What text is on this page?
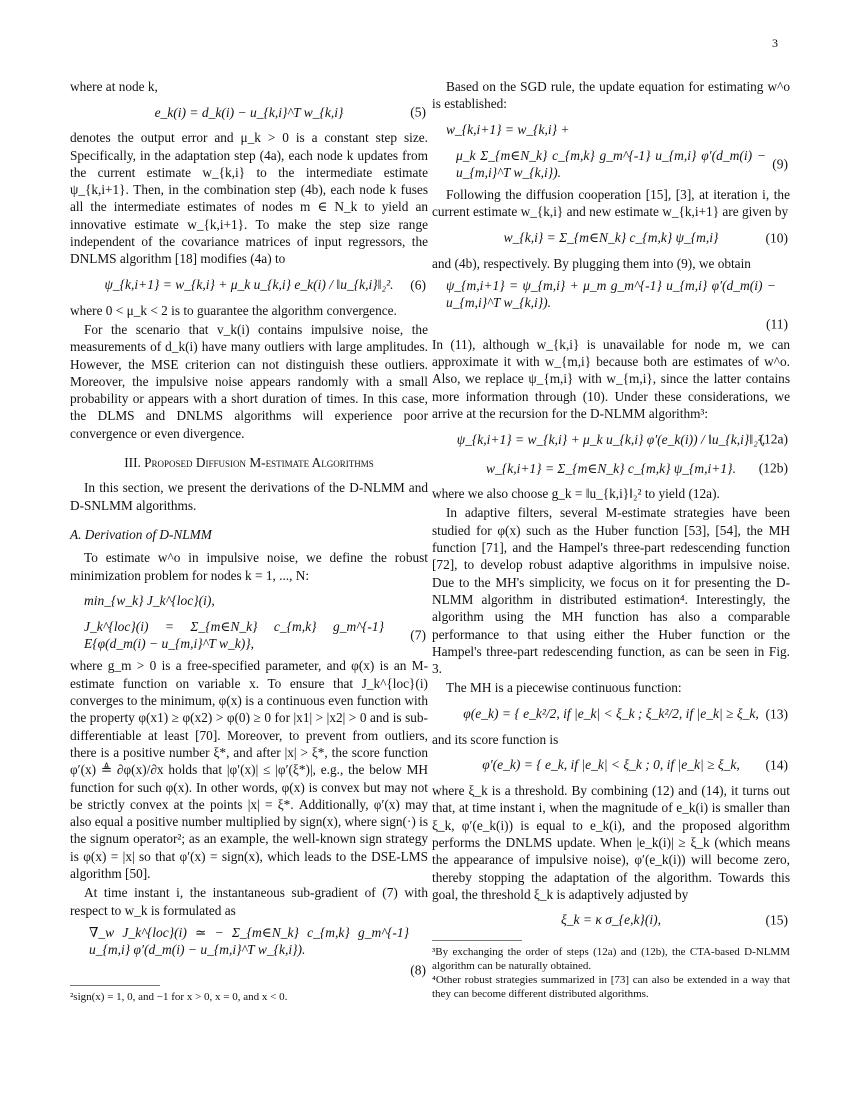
3

where at node k,

e_k(i) = d_k(i) − u_{k,i}^T w_{k,i}	(5)

denotes the output error and μ_k > 0 is a constant step size. Specifically, in the adaptation step (4a), each node k updates from the current estimate w_{k,i} to the intermediate estimate ψ_{k,i+1}. Then, in the combination step (4b), each node k fuses all the intermediate estimates of nodes m ∈ N_k to yield an innovative estimate w_{k,i+1}. To make the step size range independent of the covariance matrices of input regressors, the DNLMS algorithm [18] modifies (4a) to

ψ_{k,i+1} = w_{k,i} + μ_k u_{k,i} e_k(i) / ‖u_{k,i}‖₂². (6)

where 0 < μ_k < 2 is to guarantee the algorithm convergence.

For the scenario that v_k(i) contains impulsive noise, the measurements of d_k(i) have many outliers with large amplitudes. However, the MSE criterion can not distinguish these outliers. Moreover, the impulsive noise appears randomly with a small probability or appears with a short duration of times. In this case, the DLMS and DNLMS algorithms will experience poor convergence or even divergence.

III. Proposed Diffusion M-estimate Algorithms

In this section, we present the derivations of the D-NLMM and D-SNLMM algorithms.

A. Derivation of D-NLMM

To estimate w^o in impulsive noise, we define the robust minimization problem for nodes k = 1, ..., N:

min_{w_k} J_k^{loc}(i),
J_k^{loc}(i) = Σ_{m∈N_k} c_{m,k} g_m^{-1} E{φ(d_m(i) − u_{m,i}^T w_k)},
(7)

where g_m > 0 is a free-specified parameter, and φ(x) is an M-estimate function on variable x. To ensure that J_k^{loc}(i) converges to the minimum, φ(x) is a continuous even function with the property φ(x1) ≥ φ(x2) > φ(0) ≥ 0 for |x1| > |x2| > 0 and is sub-differentiable at least [70]. Moreover, to prevent from outliers, there is a positive number ξ*, and after |x| > ξ*, the score function φ′(x) ≜ ∂φ(x)/∂x holds that |φ′(x)| ≤ |φ′(ξ*)|, e.g., the below MH function for such φ(x). In other words, φ(x) is convex but may not be strictly convex at the points |x| = ξ*. Additionally, φ′(x) may also equal a positive number multiplied by sign(x), where sign(·) is the signum operator²; as an example, the well-known sign strategy is φ(x) = |x| so that φ′(x) = sign(x), which leads to the DSE-LMS algorithm [50].

At time instant i, the instantaneous sub-gradient of (7) with respect to w_k is formulated as

∇_w J_k^{loc}(i) ≃ − Σ_{m∈N_k} c_{m,k} g_m^{-1} u_{m,i} φ′(d_m(i) − u_{m,i}^T w_{k,i}).
(8)
²sign(x) = 1, 0, and −1 for x > 0, x = 0, and x < 0.

Based on the SGD rule, the update equation for estimating w^o is established:

w_{k,i+1} = w_{k,i} +
μ_k Σ_{m∈N_k} c_{m,k} g_m^{-1} u_{m,i} φ′(d_m(i) − u_{m,i}^T w_{k,i}).
(9)

Following the diffusion cooperation [15], [3], at iteration i, the current estimate w_{k,i} and new estimate w_{k,i+1} are given by

w_{k,i} = Σ_{m∈N_k} c_{m,k} ψ_{m,i}	(10)

and (4b), respectively. By plugging them into (9), we obtain

ψ_{m,i+1} = ψ_{m,i} + μ_m g_m^{-1} u_{m,i} φ′(d_m(i) − u_{m,i}^T w_{k,i}).
(11)

In (11), although w_{k,i} is unavailable for node m, we can approximate it with w_{m,i} because both are estimates of w^o. Also, we replace ψ_{m,i} with w_{m,i}, since the latter contains more information through (10). Under these considerations, we arrive at the recursion for the D-NLMM algorithm³:

ψ_{k,i+1} = w_{k,i} + μ_k u_{k,i} φ′(e_k(i)) / ‖u_{k,i}‖₂²,
(12a)
w_{k,i+1} = Σ_{m∈N_k} c_{m,k} ψ_{m,i+1}. (12b)

where we also choose g_k = ‖u_{k,i}‖₂² to yield (12a).

In adaptive filters, several M-estimate strategies have been studied for φ(x) such as the Huber function [53], [54], the MH function [71], and the Hampel's three-part redescending function [72], to develop robust adaptive algorithms in impulsive noise. Due to the MH's simplicity, we focus on it for presenting the D-NLMM algorithm in distributed estimation⁴. Interestingly, the algorithm using the MH function has also a comparable performance to that using either the Huber function or the Hampel's three-part redescending function, as can be seen in Fig. 3.

The MH is a piecewise continuous function:

φ(e_k) = { e_k²/2, if |e_k| < ξ_k ; ξ_k²/2, if |e_k| ≥ ξ_k, (13)

and its score function is

φ′(e_k) = { e_k, if |e_k| < ξ_k ; 0, if |e_k| ≥ ξ_k, (14)

where ξ_k is a threshold. By combining (12) and (14), it turns out that, at time instant i, when the magnitude of e_k(i) is smaller than ξ_k, φ′(e_k(i)) is equal to e_k(i), and the proposed algorithm performs the DNLMS update. When |e_k(i)| ≥ ξ_k (which means the appearance of impulsive noise), φ′(e_k(i)) will become zero, thereby stopping the adaptation of the algorithm. Towards this goal, the threshold ξ_k is adaptively adjusted by

ξ_k = κ σ_{e,k}(i),	(15)
³By exchanging the order of steps (12a) and (12b), the CTA-based D-NLMM algorithm can be naturally obtained.
⁴Other robust strategies summarized in [73] can also be extended in a way that they can become different distributed algorithms.
